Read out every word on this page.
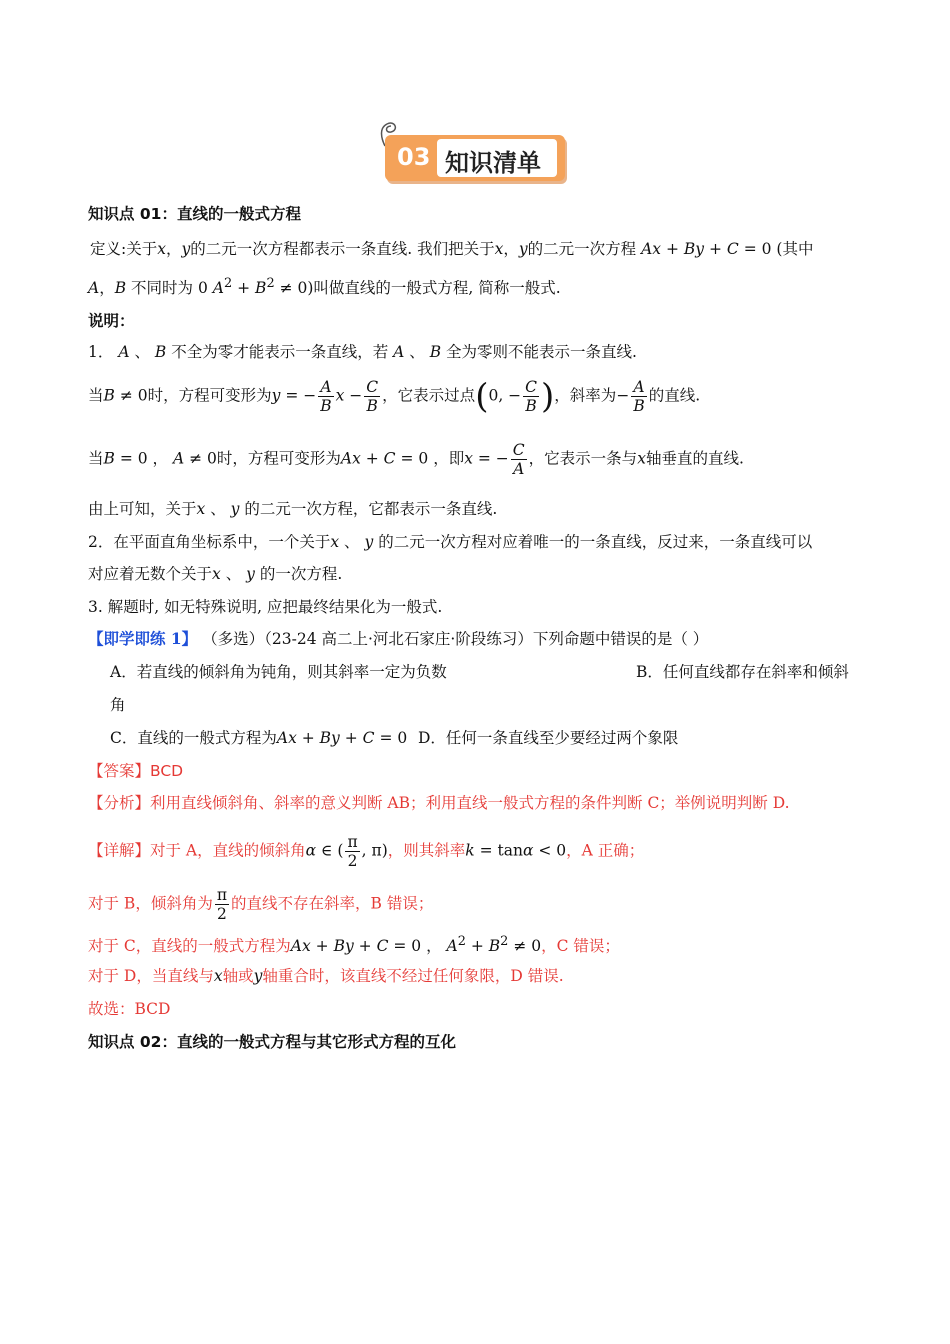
03 知识清单
知识点 01：直线的一般式方程
定义:关于x，y的二元一次方程都表示一条直线. 我们把关于x，y的二元一次方程 Ax + By + C = 0 (其中
A，B 不同时为 0 $A^2 + B^2 \ne 0$)叫做直线的一般式方程, 简称一般式.
说明：
1． A 、 B 不全为零才能表示一条直线，若 A 、 B 全为零则不能表示一条直线.
当B ≠ 0时，方程可变形为y = − $\frac{A}{B}$ $x - \frac{C}{B}$ ，它表示过点(0, − $\frac{C}{B}$ )，斜率为− $\frac{A}{B}$ 的直线.
当B = 0 ， A ≠ 0时，方程可变形为Ax + C = 0 ，即x = − $\frac{C}{A}$ ，它表示一条与x轴垂直的直线.
由上可知，关于x 、 y 的二元一次方程，它都表示一条直线.
2．在平面直角坐标系中，一个关于x 、 y 的二元一次方程对应着唯一的一条直线，反过来，一条直线可以
对应着无数个关于x 、 y 的一次方程.
3. 解题时, 如无特殊说明, 应把最终结果化为一般式.
【即学即练 1】 （多选）（23-24 高二上·河北石家庄·阶段练习）下列命题中错误的是（ ）
A．若直线的倾斜角为钝角，则其斜率一定为负数	B．任何直线都存在斜率和倾斜
角
C．直线的一般式方程为Ax + By + C = 0 D．任何一条直线至少要经过两个象限
【答案】BCD
【分析】利用直线倾斜角、斜率的意义判断 AB；利用直线一般式方程的条件判断 C；举例说明判断 D.
【详解】对于 A，直线的倾斜角α ∈ ( $\frac{\pi}{2}$ , π)，则其斜率k = tanα < 0，A 正确；
对于 B，倾斜角为 $\frac{\pi}{2}$ 的直线不存在斜率，B 错误；
对于 C，直线的一般式方程为Ax + By + C = 0 ， $A^2 + B^2 \ne 0$，C 错误；
对于 D，当直线与x轴或y轴重合时，该直线不经过任何象限，D 错误.
故选：BCD
知识点 02：直线的一般式方程与其它形式方程的互化
